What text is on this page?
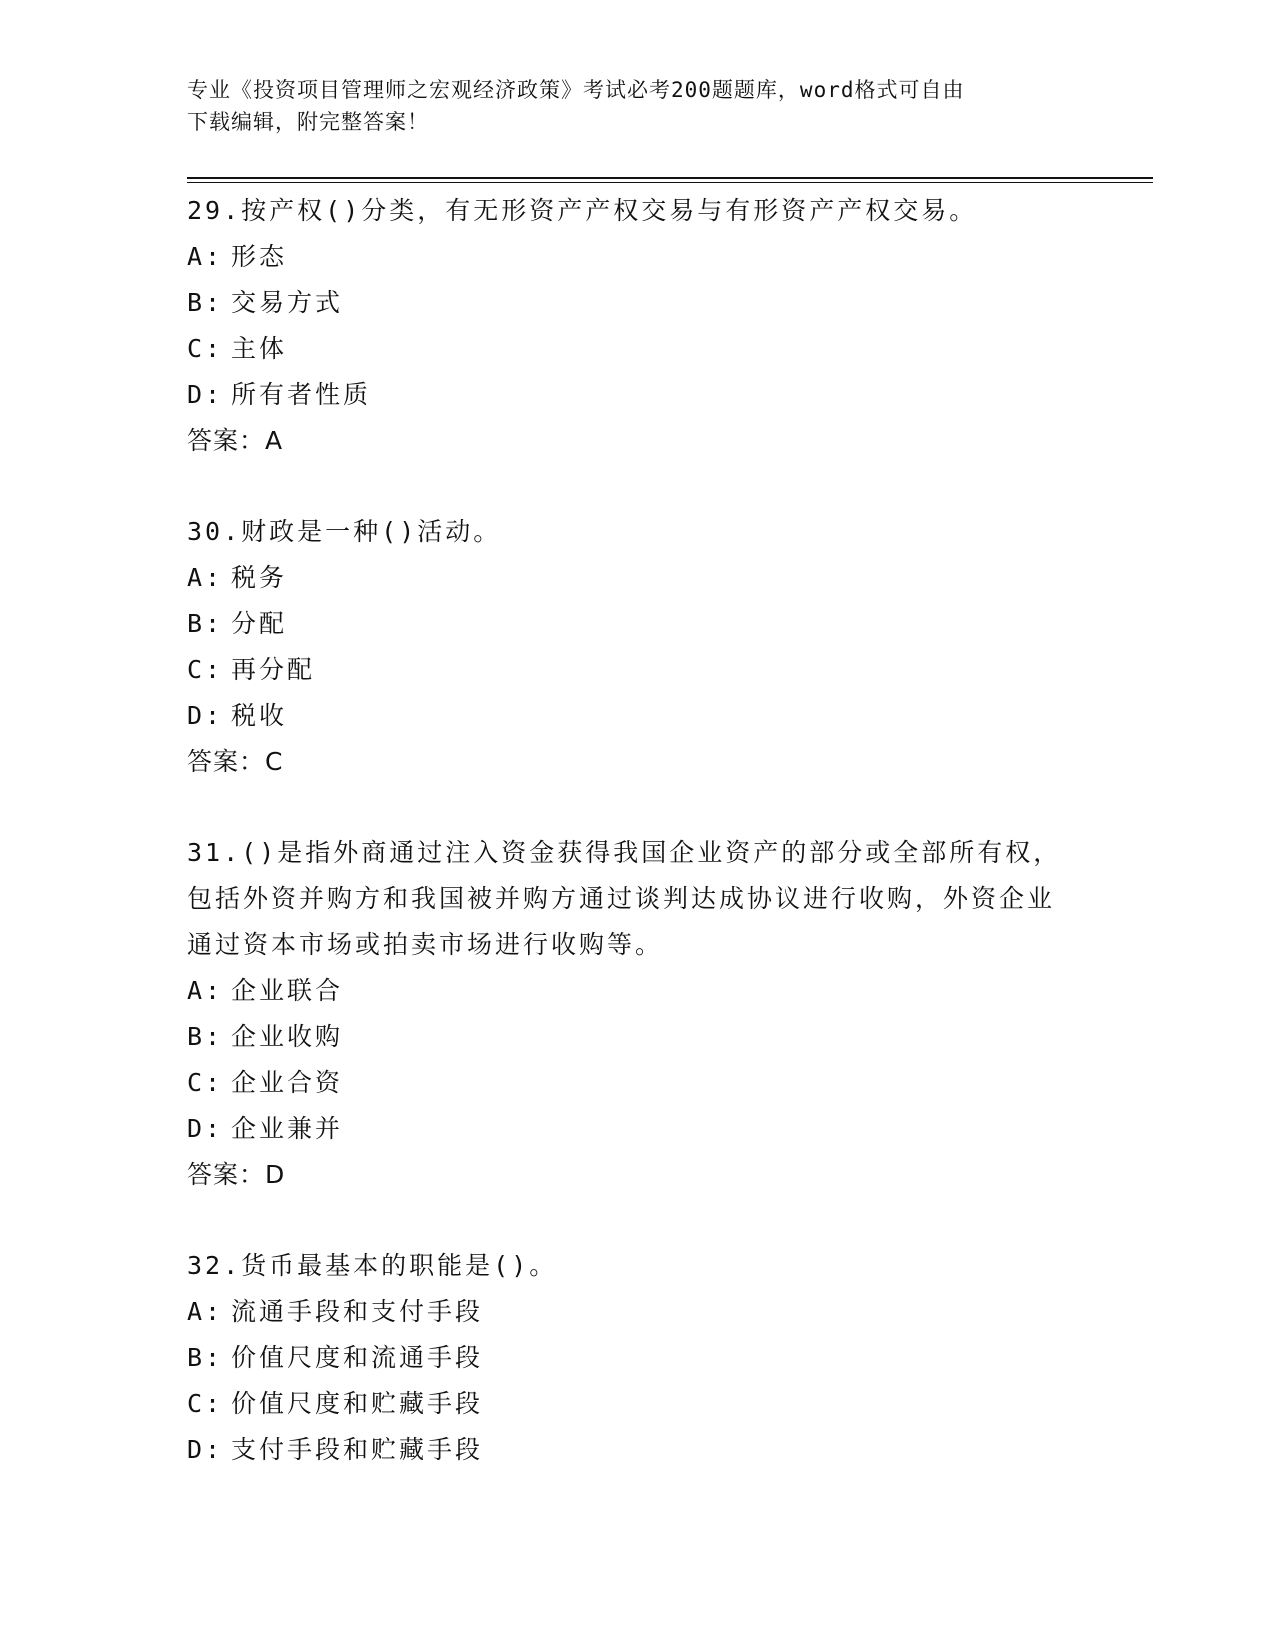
专业《投资项目管理师之宏观经济政策》考试必考200题题库，word格式可自由
下载编辑，附完整答案！
29.按产权()分类，有无形资产产权交易与有形资产产权交易。
A: 形态
B: 交易方式
C: 主体
D: 所有者性质
答案：A
30.财政是一种()活动。
A: 税务
B: 分配
C: 再分配
D: 税收
答案：C
31.()是指外商通过注入资金获得我国企业资产的部分或全部所有权，包括外资并购方和我国被并购方通过谈判达成协议进行收购，外资企业通过资本市场或拍卖市场进行收购等。
A: 企业联合
B: 企业收购
C: 企业合资
D: 企业兼并
答案：D
32.货币最基本的职能是()。
A: 流通手段和支付手段
B: 价值尺度和流通手段
C: 价值尺度和贮藏手段
D: 支付手段和贮藏手段
